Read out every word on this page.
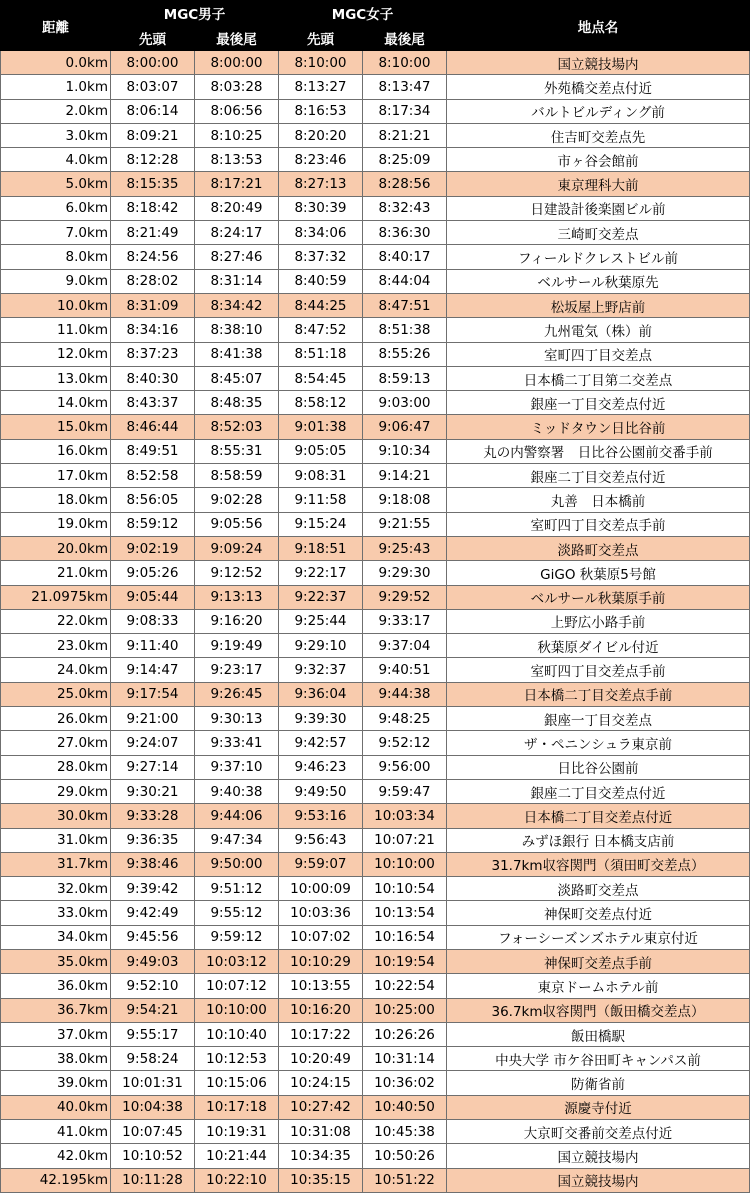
距離	MGC男子		MGC女子		地点名
	先頭	最後尾	先頭	最後尾	
0.0km	8:00:00	8:00:00	8:10:00	8:10:00	国立競技場内
1.0km	8:03:07	8:03:28	8:13:27	8:13:47	外苑橋交差点付近
2.0km	8:06:14	8:06:56	8:16:53	8:17:34	バルトビルディング前
3.0km	8:09:21	8:10:25	8:20:20	8:21:21	住吉町交差点先
4.0km	8:12:28	8:13:53	8:23:46	8:25:09	市ヶ谷会館前
5.0km	8:15:35	8:17:21	8:27:13	8:28:56	東京理科大前
6.0km	8:18:42	8:20:49	8:30:39	8:32:43	日建設計後楽園ビル前
7.0km	8:21:49	8:24:17	8:34:06	8:36:30	三崎町交差点
8.0km	8:24:56	8:27:46	8:37:32	8:40:17	フィールドクレストビル前
9.0km	8:28:02	8:31:14	8:40:59	8:44:04	ベルサール秋葉原先
10.0km	8:31:09	8:34:42	8:44:25	8:47:51	松坂屋上野店前
11.0km	8:34:16	8:38:10	8:47:52	8:51:38	九州電気（株）前
12.0km	8:37:23	8:41:38	8:51:18	8:55:26	室町四丁目交差点
13.0km	8:40:30	8:45:07	8:54:45	8:59:13	日本橋二丁目第二交差点
14.0km	8:43:37	8:48:35	8:58:12	9:03:00	銀座一丁目交差点付近
15.0km	8:46:44	8:52:03	9:01:38	9:06:47	ミッドタウン日比谷前
16.0km	8:49:51	8:55:31	9:05:05	9:10:34	丸の内警察署　日比谷公園前交番手前
17.0km	8:52:58	8:58:59	9:08:31	9:14:21	銀座二丁目交差点付近
18.0km	8:56:05	9:02:28	9:11:58	9:18:08	丸善　日本橋前
19.0km	8:59:12	9:05:56	9:15:24	9:21:55	室町四丁目交差点手前
20.0km	9:02:19	9:09:24	9:18:51	9:25:43	淡路町交差点
21.0km	9:05:26	9:12:52	9:22:17	9:29:30	GiGO 秋葉原5号館
21.0975km	9:05:44	9:13:13	9:22:37	9:29:52	ベルサール秋葉原手前
22.0km	9:08:33	9:16:20	9:25:44	9:33:17	上野広小路手前
23.0km	9:11:40	9:19:49	9:29:10	9:37:04	秋葉原ダイビル付近
24.0km	9:14:47	9:23:17	9:32:37	9:40:51	室町四丁目交差点手前
25.0km	9:17:54	9:26:45	9:36:04	9:44:38	日本橋二丁目交差点手前
26.0km	9:21:00	9:30:13	9:39:30	9:48:25	銀座一丁目交差点
27.0km	9:24:07	9:33:41	9:42:57	9:52:12	ザ・ペニンシュラ東京前
28.0km	9:27:14	9:37:10	9:46:23	9:56:00	日比谷公園前
29.0km	9:30:21	9:40:38	9:49:50	9:59:47	銀座二丁目交差点付近
30.0km	9:33:28	9:44:06	9:53:16	10:03:34	日本橋二丁目交差点付近
31.0km	9:36:35	9:47:34	9:56:43	10:07:21	みずほ銀行 日本橋支店前
31.7km	9:38:46	9:50:00	9:59:07	10:10:00	31.7km収容関門（須田町交差点）
32.0km	9:39:42	9:51:12	10:00:09	10:10:54	淡路町交差点
33.0km	9:42:49	9:55:12	10:03:36	10:13:54	神保町交差点付近
34.0km	9:45:56	9:59:12	10:07:02	10:16:54	フォーシーズンズホテル東京付近
35.0km	9:49:03	10:03:12	10:10:29	10:19:54	神保町交差点手前
36.0km	9:52:10	10:07:12	10:13:55	10:22:54	東京ドームホテル前
36.7km	9:54:21	10:10:00	10:16:20	10:25:00	36.7km収容関門（飯田橋交差点）
37.0km	9:55:17	10:10:40	10:17:22	10:26:26	飯田橋駅
38.0km	9:58:24	10:12:53	10:20:49	10:31:14	中央大学 市ケ谷田町キャンパス前
39.0km	10:01:31	10:15:06	10:24:15	10:36:02	防衛省前
40.0km	10:04:38	10:17:18	10:27:42	10:40:50	源慶寺付近
41.0km	10:07:45	10:19:31	10:31:08	10:45:38	大京町交番前交差点付近
42.0km	10:10:52	10:21:44	10:34:35	10:50:26	国立競技場内
42.195km	10:11:28	10:22:10	10:35:15	10:51:22	国立競技場内
